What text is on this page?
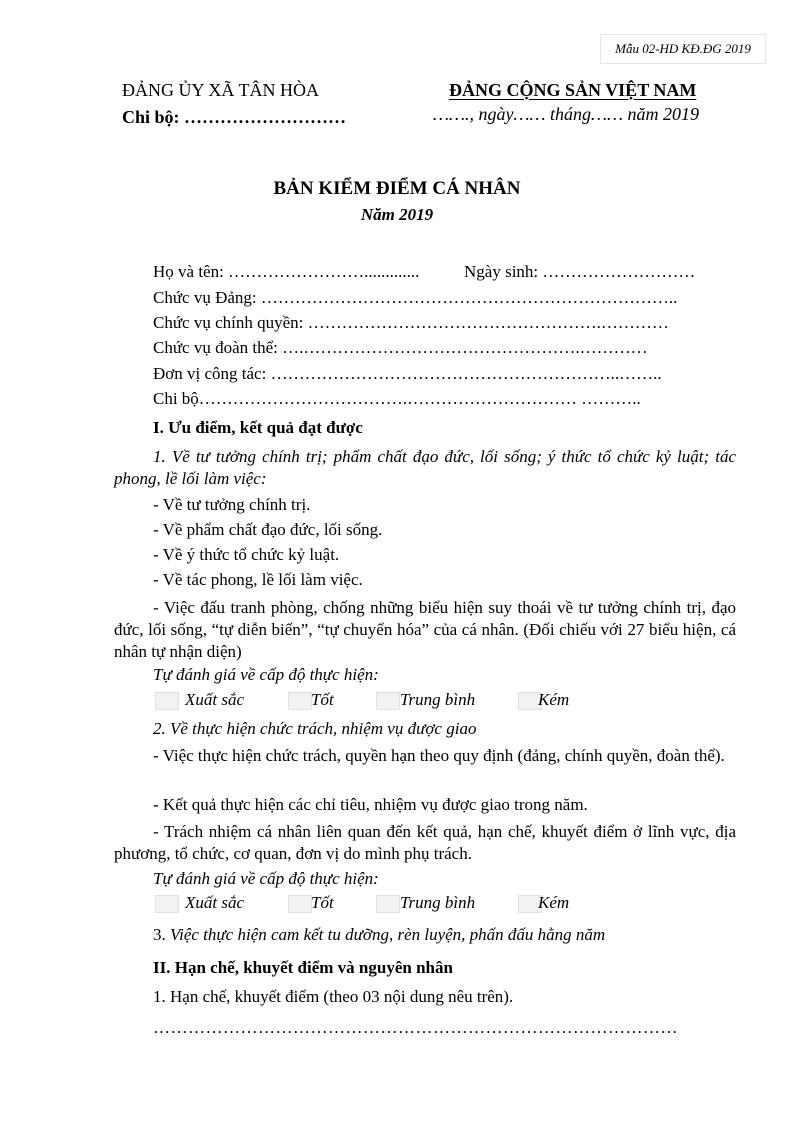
Mẫu 02-HD KĐ.ĐG 2019
ĐẢNG ỦY XÃ TÂN HÒA
Chi bộ: ………………………
ĐẢNG CỘNG SẢN VIỆT NAM
……., ngày…… tháng…… năm 2019
BẢN KIỂM ĐIỂM CÁ NHÂN
Năm 2019
Họ và tên: …………………….............	Ngày sinh: ………………………
Chức vụ Đảng: ………………………………………………………………..
Chức vụ chính quyền: …………………………………………….…………
Chức vụ đoàn thể: ….………………………………………….…………
Đơn vị công tác: ……………………………………………………..……..
Chi bộ……………………………….………………………… ………..
I. Ưu điểm, kết quả đạt được
1. Về tư tưởng chính trị; phẩm chất đạo đức, lối sống; ý thức tổ chức kỷ luật; tác phong, lề lối làm việc:
- Về tư tưởng chính trị.
- Về phẩm chất đạo đức, lối sống.
- Về ý thức tổ chức kỷ luật.
- Về tác phong, lề lối làm việc.
- Việc đấu tranh phòng, chống những biểu hiện suy thoái về tư tưởng chính trị, đạo đức, lối sống, “tự diễn biến”, “tự chuyển hóa” của cá nhân. (Đối chiếu với 27 biểu hiện, cá nhân tự nhận diện)
Tự đánh giá về cấp độ thực hiện:
Xuất sắc	Tốt	Trung bình	Kém
2. Về thực hiện chức trách, nhiệm vụ được giao
- Việc thực hiện chức trách, quyền hạn theo quy định (đảng, chính quyền, đoàn thể).
- Kết quả thực hiện các chỉ tiêu, nhiệm vụ được giao trong năm.
- Trách nhiệm cá nhân liên quan đến kết quả, hạn chế, khuyết điểm ở lĩnh vực, địa phương, tổ chức, cơ quan, đơn vị do mình phụ trách.
Tự đánh giá về cấp độ thực hiện:
Xuất sắc	Tốt	Trung bình	Kém
3. Việc thực hiện cam kết tu dưỡng, rèn luyện, phấn đấu hằng năm
II. Hạn chế, khuyết điểm và nguyên nhân
1. Hạn chế, khuyết điểm (theo 03 nội dung nêu trên).
………………………………………………………………………………
